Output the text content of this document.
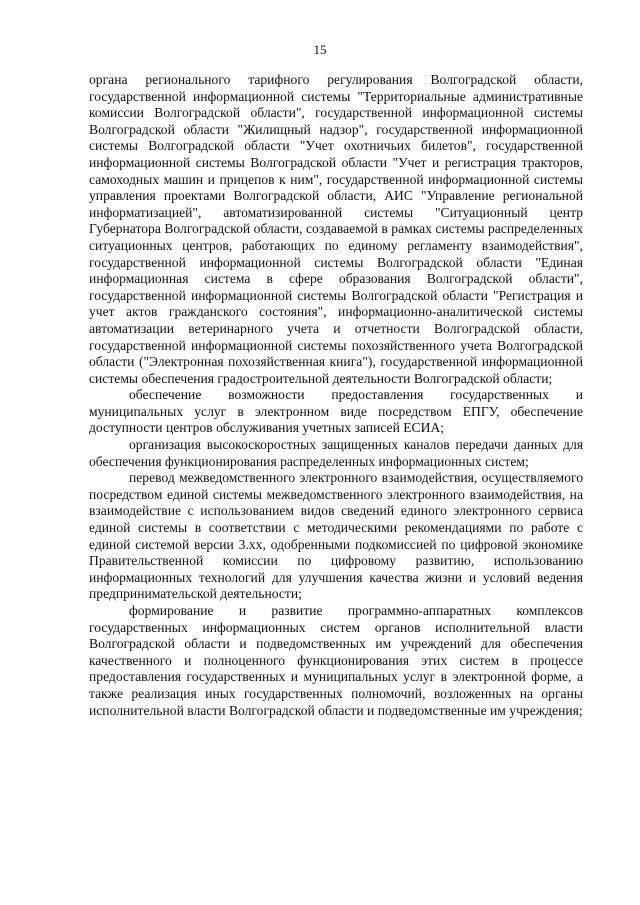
15

органа регионального тарифного регулирования Волгоградской области, государственной информационной системы "Территориальные административные комиссии Волгоградской области", государственной информационной системы Волгоградской области "Жилищный надзор", государственной информационной системы Волгоградской области "Учет охотничьих билетов", государственной информационной системы Волгоградской области "Учет и регистрация тракторов, самоходных машин и прицепов к ним", государственной информационной системы управления проектами Волгоградской области, АИС "Управление региональной информатизацией", автоматизированной системы "Ситуационный центр Губернатора Волгоградской области, создаваемой в рамках системы распределенных ситуационных центров, работающих по единому регламенту взаимодействия", государственной информационной системы Волгоградской области "Единая информационная система в сфере образования Волгоградской области", государственной информационной системы Волгоградской области "Регистрация и учет актов гражданского состояния", информационно-аналитической системы автоматизации ветеринарного учета и отчетности Волгоградской области, государственной информационной системы похозяйственного учета Волгоградской области ("Электронная похозяйственная книга"), государственной информационной системы обеспечения градостроительной деятельности Волгоградской области;

обеспечение возможности предоставления государственных и муниципальных услуг в электронном виде посредством ЕПГУ, обеспечение доступности центров обслуживания учетных записей ЕСИА;

организация высокоскоростных защищенных каналов передачи данных для обеспечения функционирования распределенных информационных систем;

перевод межведомственного электронного взаимодействия, осуществляемого посредством единой системы межведомственного электронного взаимодействия, на взаимодействие с использованием видов сведений единого электронного сервиса единой системы в соответствии с методическими рекомендациями по работе с единой системой версии 3.хх, одобренными подкомиссией по цифровой экономике Правительственной комиссии по цифровому развитию, использованию информационных технологий для улучшения качества жизни и условий ведения предпринимательской деятельности;

формирование и развитие программно-аппаратных комплексов государственных информационных систем органов исполнительной власти Волгоградской области и подведомственных им учреждений для обеспечения качественного и полноценного функционирования этих систем в процессе предоставления государственных и муниципальных услуг в электронной форме, а также реализация иных государственных полномочий, возложенных на органы исполнительной власти Волгоградской области и подведомственные им учреждения;
